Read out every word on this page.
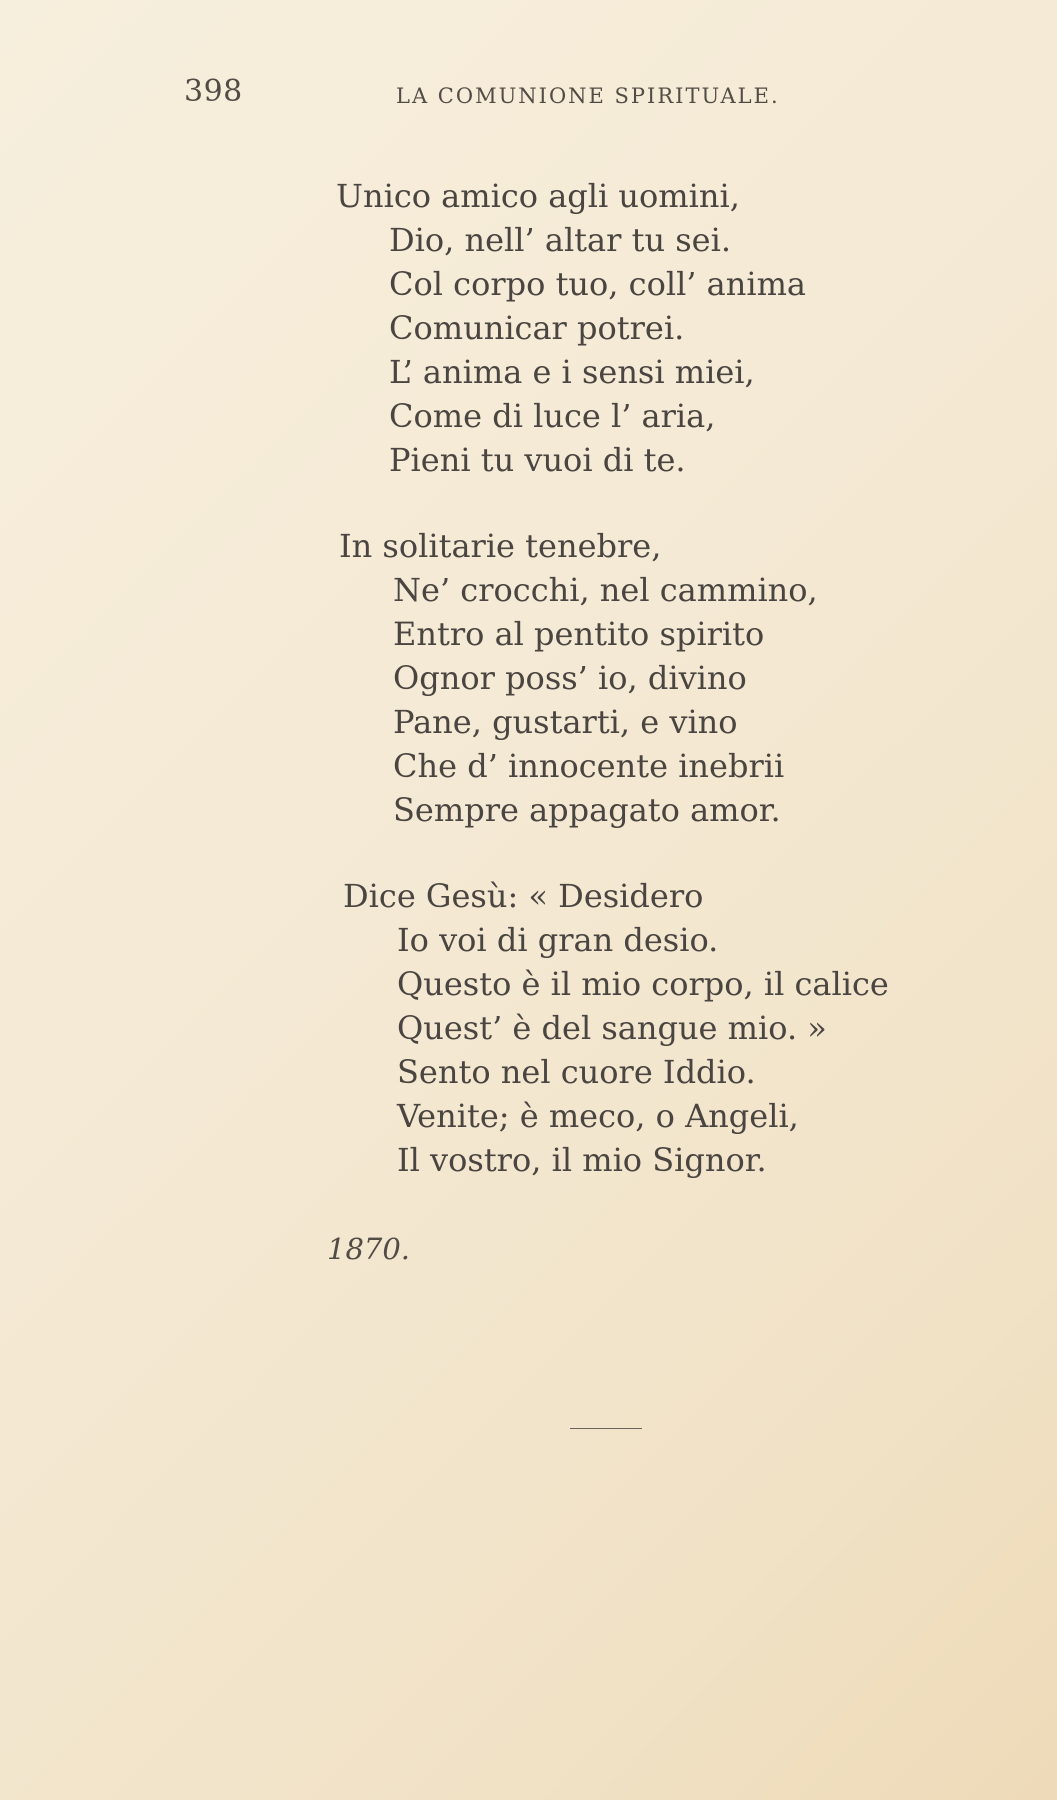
398	LA COMUNIONE SPIRITUALE.
Unico amico agli uomini,
Dio, nell’ altar tu sei.
Col corpo tuo, coll’ anima
Comunicar potrei.
L’ anima e i sensi miei,
Come di luce l’ aria,
Pieni tu vuoi di te.
In solitarie tenebre,
Ne’ crocchi, nel cammino,
Entro al pentito spirito
Ognor poss’ io, divino
Pane, gustarti, e vino
Che d’ innocente inebrii
Sempre appagato amor.
Dice Gesù: « Desidero
Io voi di gran desio.
Questo è il mio corpo, il calice
Quest’ è del sangue mio. »
Sento nel cuore Iddio.
Venite; è meco, o Angeli,
Il vostro, il mio Signor.
1870.
